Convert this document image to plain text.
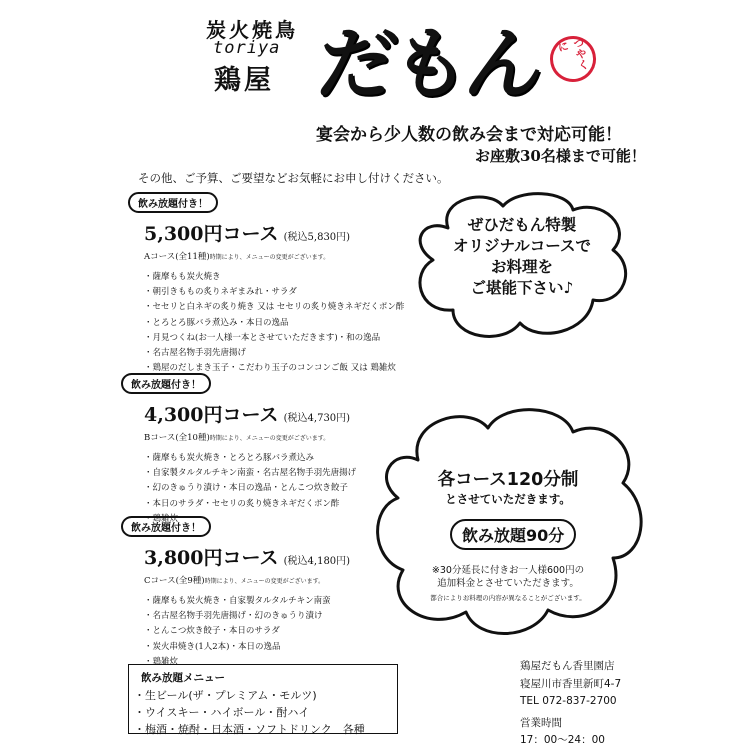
炭火焼鳥
toriya
鶏屋 だもん	つやくに
宴会から少人数の飲み会まで対応可能！
お座敷30名様まで可能！
その他、ご予算、ご要望などお気軽にお申し付けください。
飲み放題付き！
5,300円コース (税込5,830円)
Aコース(全11種)時期により、メニューの変更がございます。
・薩摩もも炭火焼き
・朝引きももの炙りネギまみれ・サラダ
・セセリと白ネギの炙り焼き 又は セセリの炙り焼きネギだくポン酢
・とろとろ豚バラ煮込み・本日の逸品
・月見つくね(お一人様一本とさせていただきます)・和の逸品
・名古屋名物手羽先唐揚げ
・鶏屋のだしまき玉子・こだわり玉子のコンコンご飯 又は 鶏雑炊
飲み放題付き！
4,300円コース (税込4,730円)
Bコース(全10種)時期により、メニューの変更がございます。
・薩摩もも炭火焼き・とろとろ豚バラ煮込み
・自家製タルタルチキン南蛮・名古屋名物手羽先唐揚げ
・幻のきゅうり漬け・本日の逸品・とんこつ炊き餃子
・本日のサラダ・セセリの炙り焼きネギだくポン酢
・鶏雑炊
飲み放題付き！
3,800円コース (税込4,180円)
Cコース(全9種)時期により、メニューの変更がございます。
・薩摩もも炭火焼き・自家製タルタルチキン南蛮
・名古屋名物手羽先唐揚げ・幻のきゅうり漬け
・とんこつ炊き餃子・本日のサラダ
・炭火串焼き(1人2本)・本日の逸品
・鶏雑炊
ぜひだもん特製
オリジナルコースで
お料理を
ご堪能下さい♪
各コース120分制
とさせていただきます。
飲み放題90分
※30分延長に付きお一人様600円の
追加料金とさせていただきます。
都合によりお料理の内容が異なることがございます。
飲み放題メニュー
・生ビール(ザ・プレミアム・モルツ)
・ウイスキー・ハイボール・酎ハイ
・梅酒・焼酎・日本酒・ソフトドリンク　各種
鶏屋だもん香里園店
寝屋川市香里新町4-7
TEL 072-837-2700
営業時間
17：00～24：00
